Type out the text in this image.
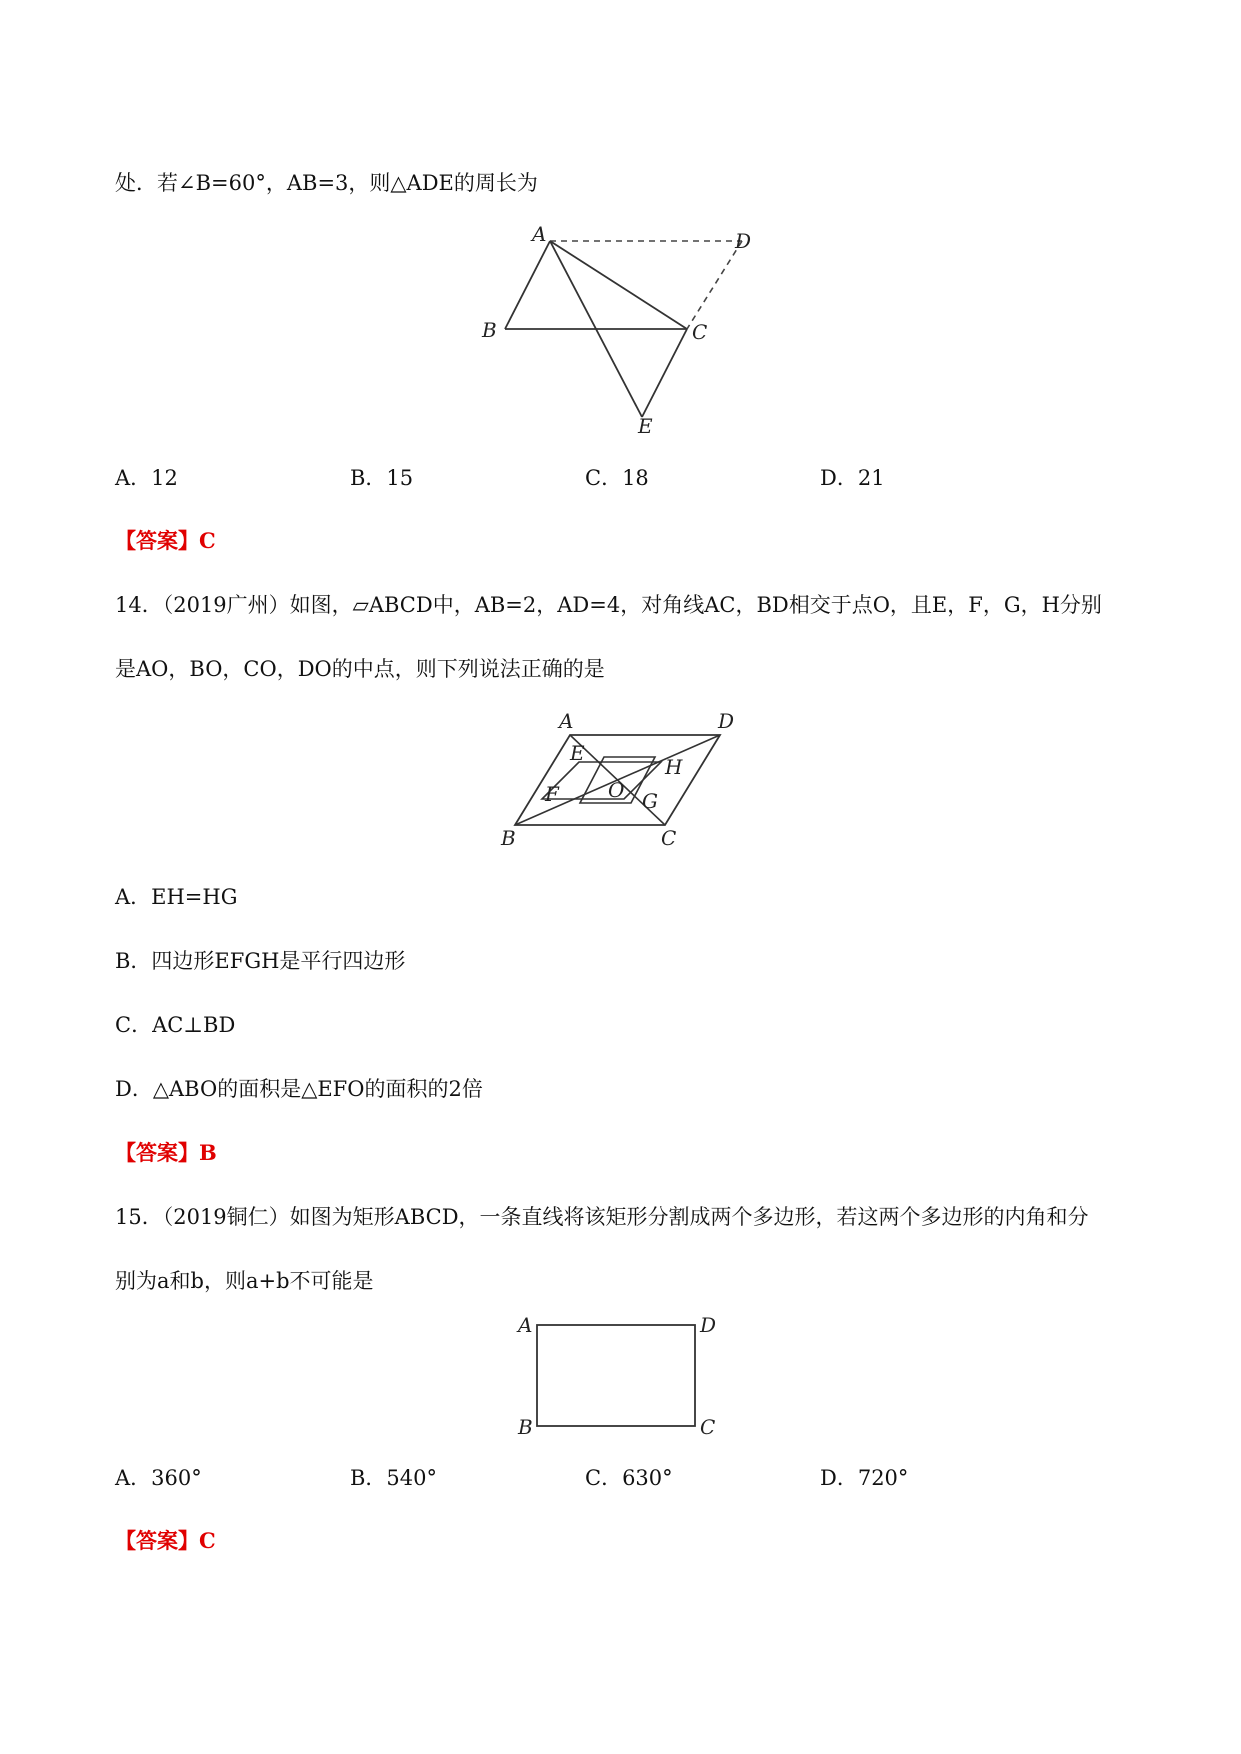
处．若∠B=60°，AB=3，则△ADE的周长为
A
B	C
D
E
A．12	B．15	C．18	D．21
【答案】C
14．（2019广州）如图，▱ABCD中，AB=2，AD=4，对角线AC，BD相交于点O，且E，F，G，H分别
是AO，BO，CO，DO的中点，则下列说法正确的是
A	D
B	C
E
H
F O G
A．EH=HG
B．四边形EFGH是平行四边形
C．AC⊥BD
D．△ABO的面积是△EFO的面积的2倍
【答案】B
15．（2019铜仁）如图为矩形ABCD，一条直线将该矩形分割成两个多边形，若这两个多边形的内角和分
别为a和b，则a+b不可能是
A	D
B	C
A．360°	B．540°	C．630°	D．720°
【答案】C
